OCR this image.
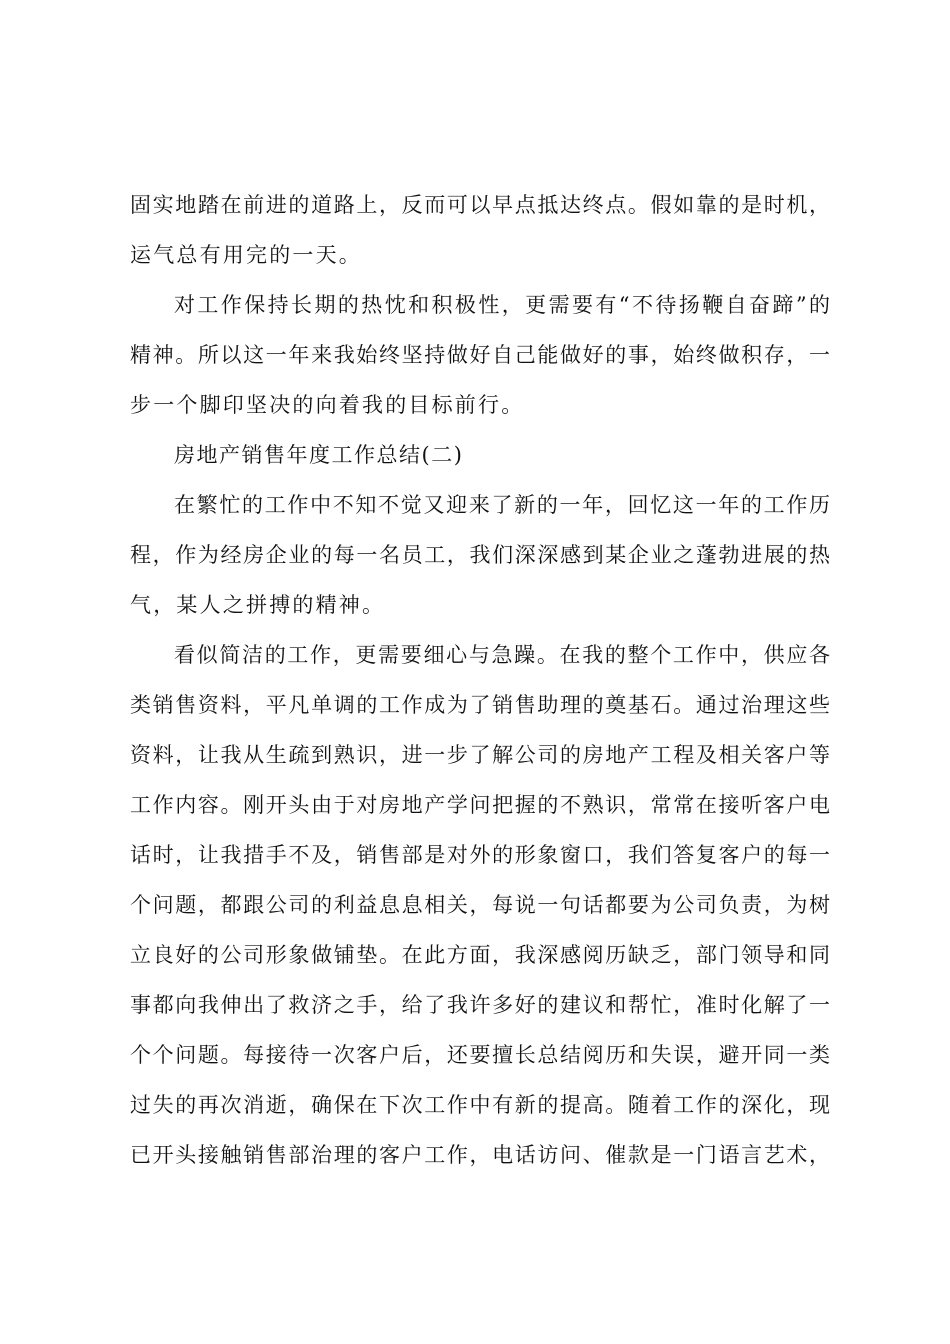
固实地踏在前进的道路上，反而可以早点抵达终点。假如靠的是时机，
运气总有用完的一天。
对工作保持长期的热忱和积极性，更需要有“不待扬鞭自奋蹄”的
精神。所以这一年来我始终坚持做好自己能做好的事，始终做积存，一
步一个脚印坚决的向着我的目标前行。
房地产销售年度工作总结(二)
在繁忙的工作中不知不觉又迎来了新的一年，回忆这一年的工作历
程，作为经房企业的每一名员工，我们深深感到某企业之蓬勃进展的热
气，某人之拼搏的精神。
看似简洁的工作，更需要细心与急躁。在我的整个工作中，供应各
类销售资料，平凡单调的工作成为了销售助理的奠基石。通过治理这些
资料，让我从生疏到熟识，进一步了解公司的房地产工程及相关客户等
工作内容。刚开头由于对房地产学问把握的不熟识，常常在接听客户电
话时，让我措手不及，销售部是对外的形象窗口，我们答复客户的每一
个问题，都跟公司的利益息息相关，每说一句话都要为公司负责，为树
立良好的公司形象做铺垫。在此方面，我深感阅历缺乏，部门领导和同
事都向我伸出了救济之手，给了我许多好的建议和帮忙，准时化解了一
个个问题。每接待一次客户后，还要擅长总结阅历和失误，避开同一类
过失的再次消逝，确保在下次工作中有新的提高。随着工作的深化，现
已开头接触销售部治理的客户工作，电话访问、催款是一门语言艺术，
